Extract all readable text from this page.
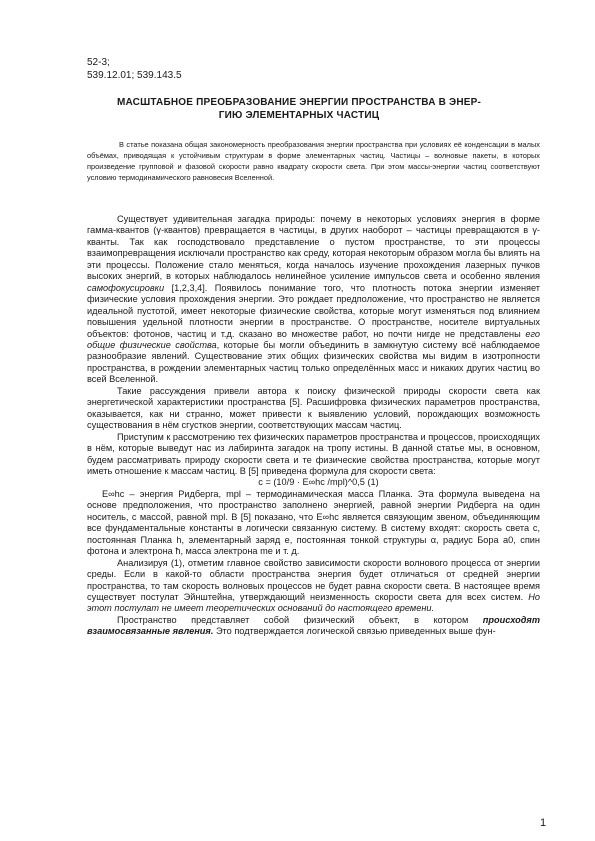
52-3;
539.12.01; 539.143.5
МАСШТАБНОЕ ПРЕОБРАЗОВАНИЕ ЭНЕРГИИ ПРОСТРАНСТВА В ЭНЕР-
ГИЮ ЭЛЕМЕНТАРНЫХ ЧАСТИЦ
В статье показана общая закономерность преобразования энергии пространства при условиях её конденсации в малых объёмах, приводящая к устойчивым структурам в форме элементарных частиц. Частицы – волновые пакеты, в которых произведение групповой и фазовой скорости равно квадрату скорости света. При этом массы-энергии частиц соответствуют условию термодинамического равновесия Вселенной.

Существует удивительная загадка природы: почему в некоторых условиях энергия в форме гамма-квантов (γ-квантов) превращается в частицы, в других наоборот – частицы превращаются в γ-кванты. Так как господствовало представление о пустом пространстве, то эти процессы взаимопревращения исключали пространство как среду, которая некоторым образом могла бы влиять на эти процессы. Положение стало меняться, когда началось изучение прохождения лазерных пучков высоких энергий, в которых наблюдалось нелинейное усиление импульсов света и особенно явления самофокусировки [1,2,3,4]. Появилось понимание того, что плотность потока энергии изменяет физические условия прохождения энергии. Это рождает предположение, что пространство не является идеальной пустотой, имеет некоторые физические свойства, которые могут изменяться под влиянием повышения удельной плотности энергии в пространстве. О пространстве, носителе виртуальных объектов: фотонов, частиц и т.д. сказано во множестве работ, но почти нигде не представлены его общие физические свойства, которые бы могли объединить в замкнутую систему всё наблюдаемое разнообразие явлений. Существование этих общих физических свойства мы видим в изотропности пространства, в рождении элементарных частиц только определённых масс и никаких других частиц во всей Вселенной.

Такие рассуждения привели автора к поиску физической природы скорости света как энергетической характеристики пространства [5]. Расшифровка физических параметров пространства, оказывается, как ни странно, может привести к выявлению условий, порождающих возможность существования в нём сгустков энергии, соответствующих массам частиц.

Приступим к рассмотрению тех физических параметров пространства и процессов, происходящих в нём, которые выведут нас из лабиринта загадок на тропу истины. В данной статье мы, в основном, будем рассматривать природу скорости света и те физические свойства пространства, которые могут иметь отношение к массам частиц. В [5] приведена формула для скорости света:

c = (10/9 · E∞hc /mpl)^0,5 (1)

E∞hc – энергия Ридберга, mpl – термодинамическая масса Планка. Эта формула выведена на основе предположения, что пространство заполнено энергией, равной энергии Ридберга на один носитель, с массой, равной mpl. В [5] показано, что E∞hc является связующим звеном, объединяющим все фундаментальные константы в логически связанную систему. В систему входят: скорость света c, постоянная Планка h, элементарный заряд e, постоянная тонкой структуры α, радиус Бора a0, спин фотона и электрона ħ, масса электрона me и т. д.

Анализируя (1), отметим главное свойство зависимости скорости волнового процесса от энергии среды. Если в какой-то области пространства энергия будет отличаться от средней энергии пространства, то там скорость волновых процессов не будет равна скорости света. В настоящее время существует постулат Эйнштейна, утверждающий неизменность скорости света для всех систем. Но этот постулат не имеет теоретических оснований до настоящего времени.

Пространство представляет собой физический объект, в котором происходят взаимосвязанные явления. Это подтверждается логической связью приведенных выше фун-

1
